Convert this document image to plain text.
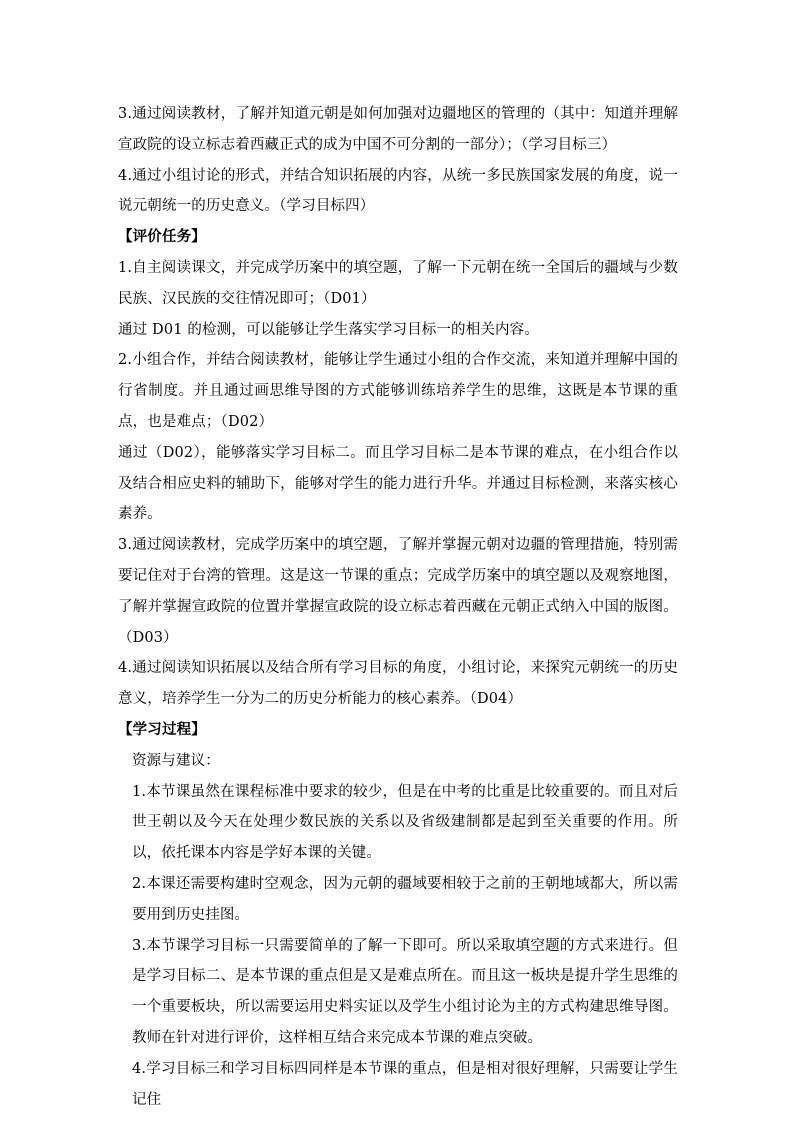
3.通过阅读教材，了解并知道元朝是如何加强对边疆地区的管理的（其中：知道并理解宣政院的设立标志着西藏正式的成为中国不可分割的一部分）；（学习目标三）

4.通过小组讨论的形式，并结合知识拓展的内容，从统一多民族国家发展的角度，说一说元朝统一的历史意义。（学习目标四）

【评价任务】

1.自主阅读课文，并完成学历案中的填空题，了解一下元朝在统一全国后的疆域与少数民族、汉民族的交往情况即可；（D01）

通过 D01 的检测，可以能够让学生落实学习目标一的相关内容。

2.小组合作，并结合阅读教材，能够让学生通过小组的合作交流，来知道并理解中国的行省制度。并且通过画思维导图的方式能够训练培养学生的思维，这既是本节课的重点，也是难点；（D02）

通过（D02），能够落实学习目标二。而且学习目标二是本节课的难点，在小组合作以及结合相应史料的辅助下，能够对学生的能力进行升华。并通过目标检测，来落实核心素养。

3.通过阅读教材，完成学历案中的填空题，了解并掌握元朝对边疆的管理措施，特别需要记住对于台湾的管理。这是这一节课的重点；完成学历案中的填空题以及观察地图，了解并掌握宣政院的位置并掌握宣政院的设立标志着西藏在元朝正式纳入中国的版图。（D03）

4.通过阅读知识拓展以及结合所有学习目标的角度，小组讨论，来探究元朝统一的历史意义，培养学生一分为二的历史分析能力的核心素养。（D04）

【学习过程】

资源与建议：

1.本节课虽然在课程标准中要求的较少，但是在中考的比重是比较重要的。而且对后世王朝以及今天在处理少数民族的关系以及省级建制都是起到至关重要的作用。所以，依托课本内容是学好本课的关键。

2.本课还需要构建时空观念，因为元朝的疆域要相较于之前的王朝地域都大，所以需要用到历史挂图。

3.本节课学习目标一只需要简单的了解一下即可。所以采取填空题的方式来进行。但是学习目标二、是本节课的重点但是又是难点所在。而且这一板块是提升学生思维的一个重要板块，所以需要运用史料实证以及学生小组讨论为主的方式构建思维导图。教师在针对进行评价，这样相互结合来完成本节课的难点突破。

4.学习目标三和学习目标四同样是本节课的重点，但是相对很好理解，只需要让学生记住
